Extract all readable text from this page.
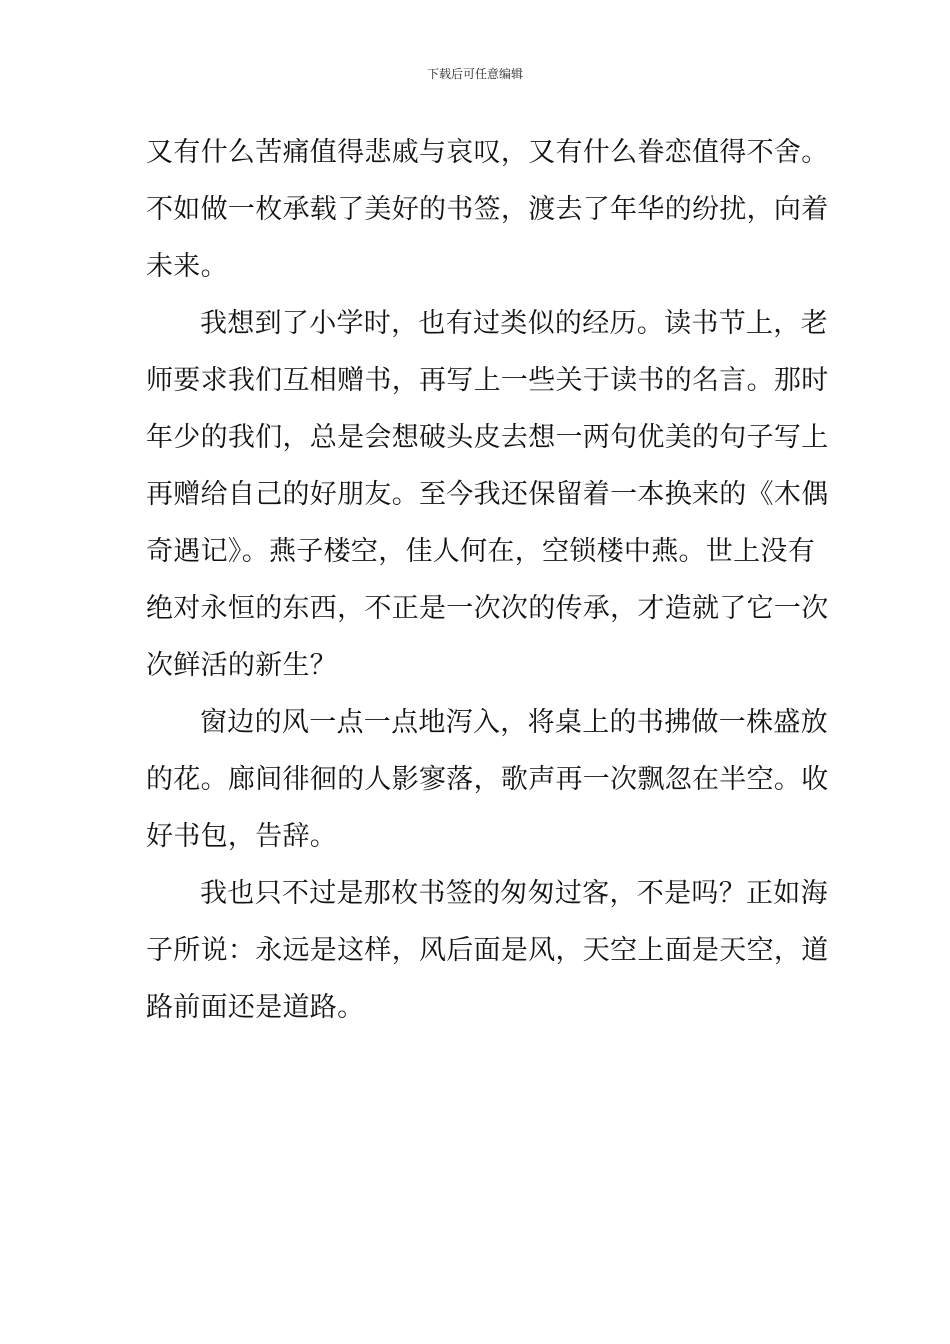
下载后可任意编辑

又有什么苦痛值得悲戚与哀叹，又有什么眷恋值得不舍。
不如做一枚承载了美好的书签，渡去了年华的纷扰，向着
未来。

我想到了小学时，也有过类似的经历。读书节上，老
师要求我们互相赠书，再写上一些关于读书的名言。那时
年少的我们，总是会想破头皮去想一两句优美的句子写上
再赠给自己的好朋友。至今我还保留着一本换来的《木偶
奇遇记》。燕子楼空，佳人何在，空锁楼中燕。世上没有
绝对永恒的东西，不正是一次次的传承，才造就了它一次
次鲜活的新生？

窗边的风一点一点地泻入，将桌上的书拂做一株盛放
的花。廊间徘徊的人影寥落，歌声再一次飘忽在半空。收
好书包，告辞。

我也只不过是那枚书签的匆匆过客，不是吗？正如海
子所说：永远是这样，风后面是风，天空上面是天空，道
路前面还是道路。
